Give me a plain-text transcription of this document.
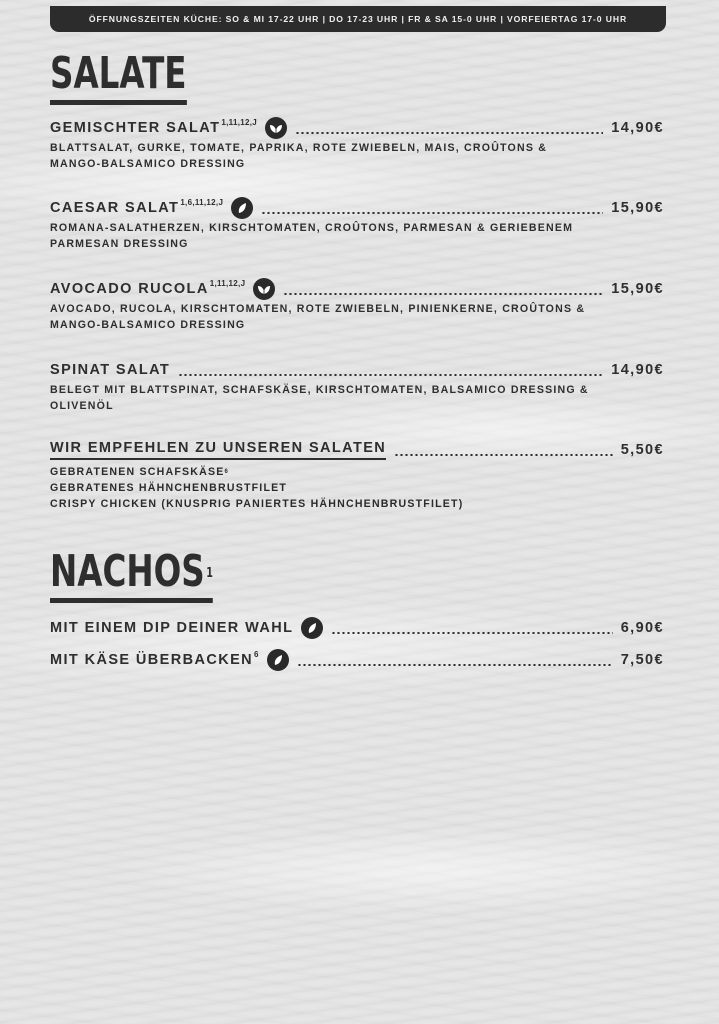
ÖFFNUNGSZEITEN KÜCHE: SO & MI 17-22 UHR | DO 17-23 UHR | FR & SA 15-0 UHR | VORFEIERTAG 17-0 UHR
SALATE
GEMISCHTER $SALAT^{1,11,12,J}$	14,90€
BLATTSALAT, GURKE, TOMATE, PAPRIKA, ROTE ZWIEBELN, MAIS, CROÛTONS &
MANGO-BALSAMICO DRESSING
CAESAR $SALAT^{1,6,11,12,J}$	15,90€
ROMANA-SALATHERZEN, KIRSCHTOMATEN, CROÛTONS, PARMESAN & GERIEBENEM
PARMESAN DRESSING
AVOCADO $RUCOLA^{1,11,12,J}$	15,90€
AVOCADO, RUCOLA, KIRSCHTOMATEN, ROTE ZWIEBELN, PINIENKERNE, CROÛTONS &
MANGO-BALSAMICO DRESSING
SPINAT SALAT	14,90€
BELEGT MIT BLATTSPINAT, SCHAFSKÄSE, KIRSCHTOMATEN, BALSAMICO DRESSING &
OLIVENÖL
WIR EMPFEHLEN ZU UNSEREN SALATEN	5,50€
GEBRATENEN SCHAFSKÄSE$^6$
GEBRATENES HÄHNCHENBRUSTFILET
CRISPY CHICKEN (KNUSPRIG PANIERTES HÄHNCHENBRUSTFILET)
NACHOS$^1$
MIT EINEM DIP DEINER WAHL	6,90€
MIT KÄSE ÜBERBACKEN$^6$	7,50€
